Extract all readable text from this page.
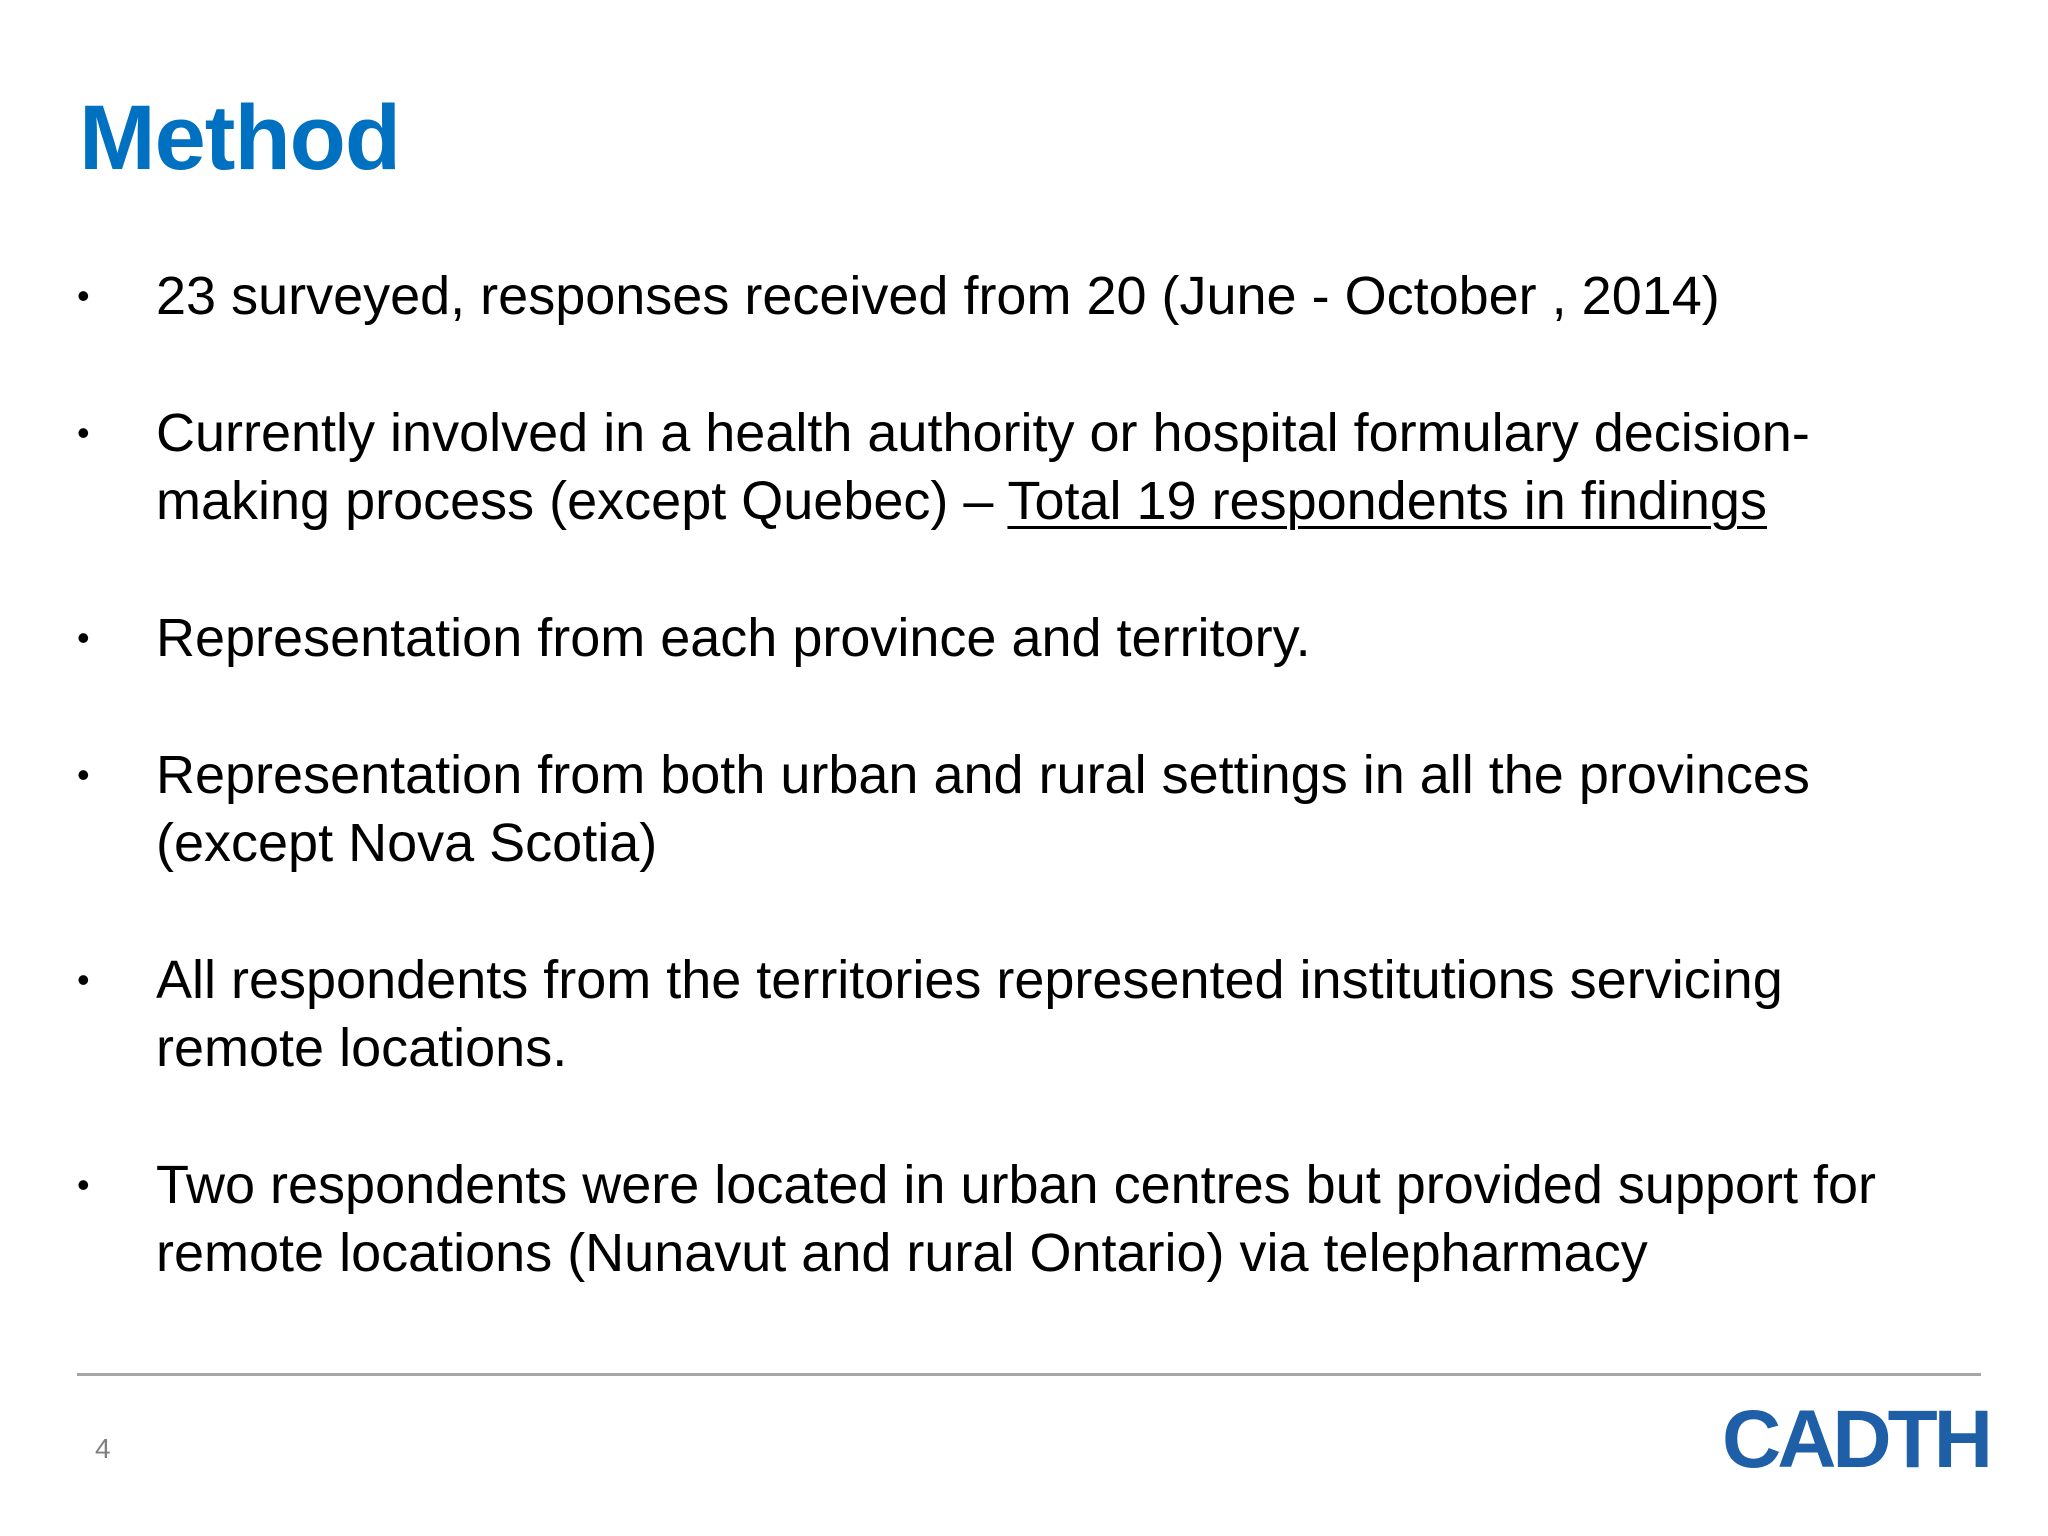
Method
• 23 surveyed, responses received from 20 (June - October , 2014)
• Currently involved in a health authority or hospital formulary decision-
making process (except Quebec) – Total 19 respondents in findings
• Representation from each province and territory.
• Representation from both urban and rural settings in all the provinces
(except Nova Scotia)
• All respondents from the territories represented institutions servicing
remote locations.
• Two respondents were located in urban centres but provided support for
remote locations (Nunavut and rural Ontario) via telepharmacy
4	CADTH
